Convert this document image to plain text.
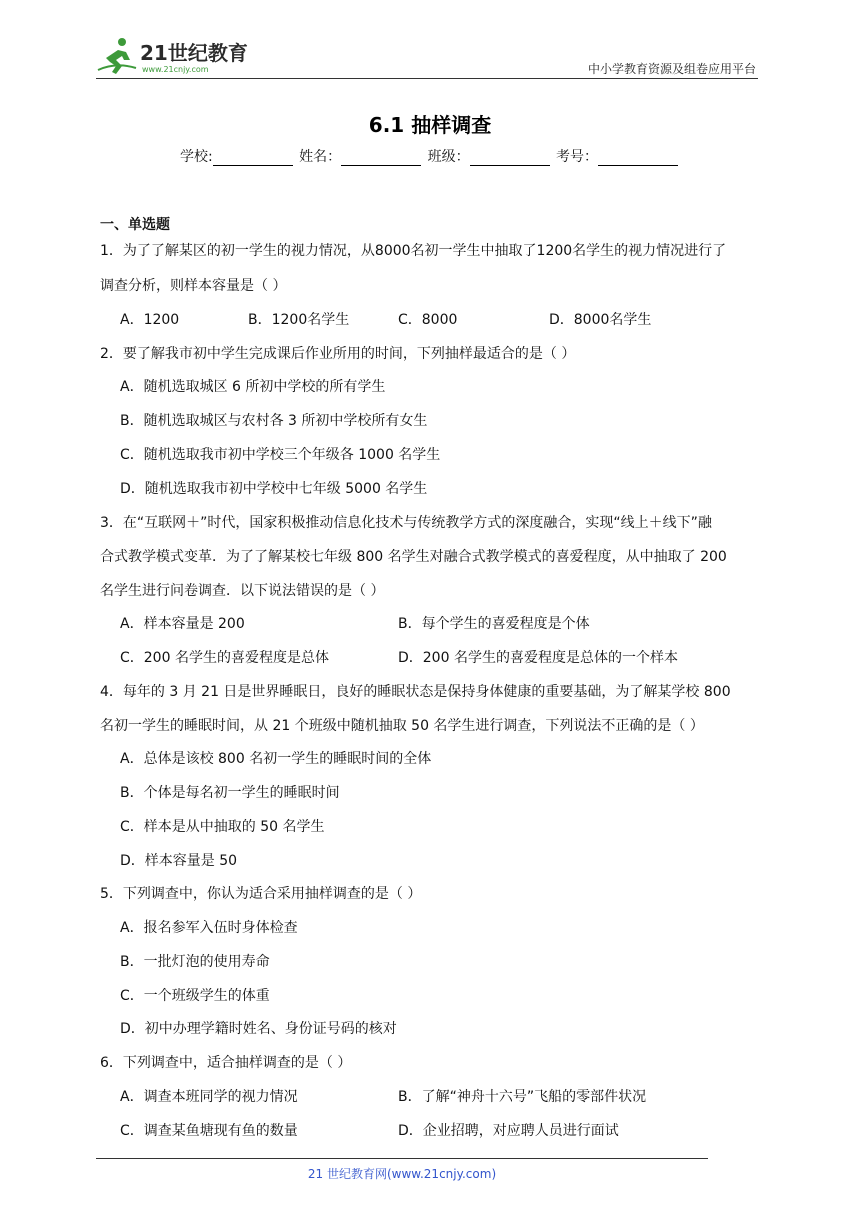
21世纪教育
www.21cnjy.com	中小学教育资源及组卷应用平台
6.1 抽样调查
学校:	姓名：	班级：	考号：
一、单选题
1．为了了解某区的初一学生的视力情况，从8000名初一学生中抽取了1200名学生的视力情况进行了
调查分析，则样本容量是（ ）
A．1200	B．1200名学生	C．8000	D．8000名学生
2．要了解我市初中学生完成课后作业所用的时间，下列抽样最适合的是（ ）
A．随机选取城区 6 所初中学校的所有学生
B．随机选取城区与农村各 3 所初中学校所有女生
C．随机选取我市初中学校三个年级各 1000 名学生
D．随机选取我市初中学校中七年级 5000 名学生
3．在“互联网＋”时代，国家积极推动信息化技术与传统教学方式的深度融合，实现“线上＋线下”融
合式教学模式变革．为了了解某校七年级 800 名学生对融合式教学模式的喜爱程度，从中抽取了 200
名学生进行问卷调查．以下说法错误的是（ ）
A．样本容量是 200	B．每个学生的喜爱程度是个体
C．200 名学生的喜爱程度是总体	D．200 名学生的喜爱程度是总体的一个样本
4．每年的 3 月 21 日是世界睡眠日，良好的睡眠状态是保持身体健康的重要基础，为了解某学校 800
名初一学生的睡眠时间，从 21 个班级中随机抽取 50 名学生进行调查，下列说法不正确的是（ ）
A．总体是该校 800 名初一学生的睡眠时间的全体
B．个体是每名初一学生的睡眠时间
C．样本是从中抽取的 50 名学生
D．样本容量是 50
5．下列调查中，你认为适合采用抽样调查的是（ ）
A．报名参军入伍时身体检查
B．一批灯泡的使用寿命
C．一个班级学生的体重
D．初中办理学籍时姓名、身份证号码的核对
6．下列调查中，适合抽样调查的是（ ）
A．调查本班同学的视力情况	B．了解“神舟十六号”飞船的零部件状况
C．调查某鱼塘现有鱼的数量	D．企业招聘，对应聘人员进行面试
21 世纪教育网(www.21cnjy.com)
